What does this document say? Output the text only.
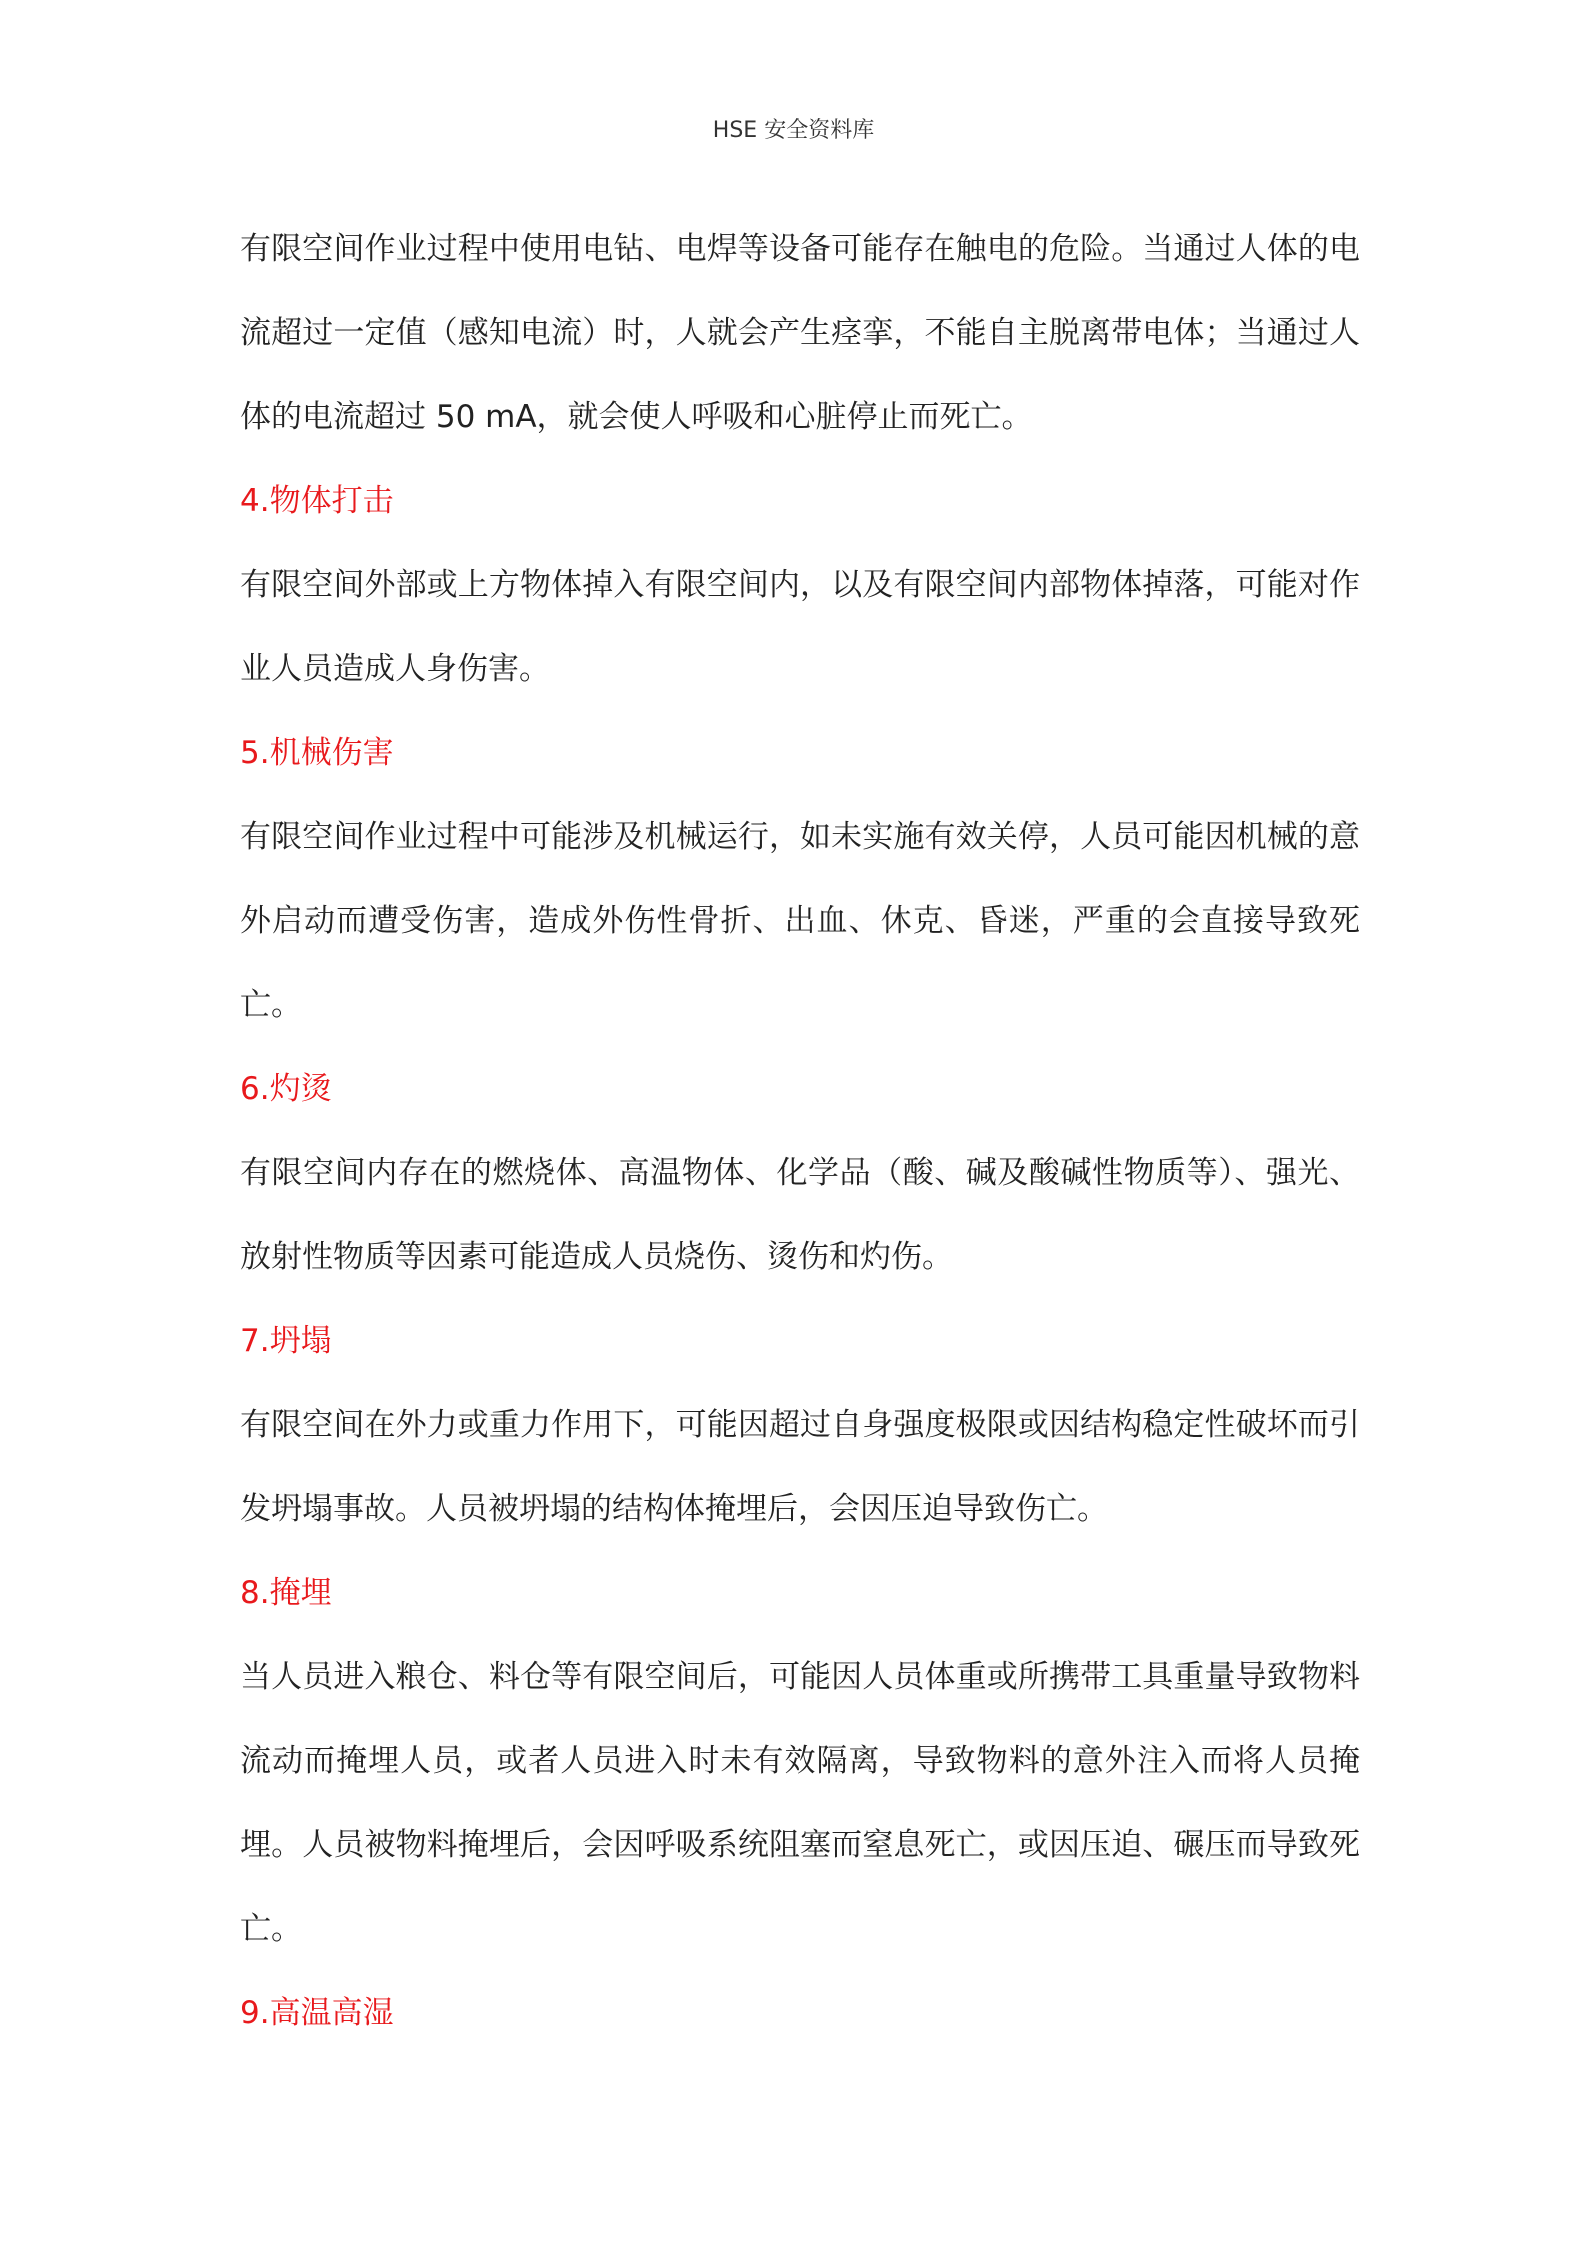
HSE 安全资料库

有限空间作业过程中使用电钻、电焊等设备可能存在触电的危险。当通过人体的电流超过一定值（感知电流）时，人就会产生痉挛，不能自主脱离带电体；当通过人体的电流超过 50 mA，就会使人呼吸和心脏停止而死亡。

4.物体打击

有限空间外部或上方物体掉入有限空间内，以及有限空间内部物体掉落，可能对作业人员造成人身伤害。

5.机械伤害

有限空间作业过程中可能涉及机械运行，如未实施有效关停，人员可能因机械的意外启动而遭受伤害，造成外伤性骨折、出血、休克、昏迷，严重的会直接导致死亡。

6.灼烫

有限空间内存在的燃烧体、高温物体、化学品（酸、碱及酸碱性物质等）、强光、放射性物质等因素可能造成人员烧伤、烫伤和灼伤。

7.坍塌

有限空间在外力或重力作用下，可能因超过自身强度极限或因结构稳定性破坏而引发坍塌事故。人员被坍塌的结构体掩埋后，会因压迫导致伤亡。

8.掩埋

当人员进入粮仓、料仓等有限空间后，可能因人员体重或所携带工具重量导致物料流动而掩埋人员，或者人员进入时未有效隔离，导致物料的意外注入而将人员掩埋。人员被物料掩埋后，会因呼吸系统阻塞而窒息死亡，或因压迫、碾压而导致死亡。

9.高温高湿
